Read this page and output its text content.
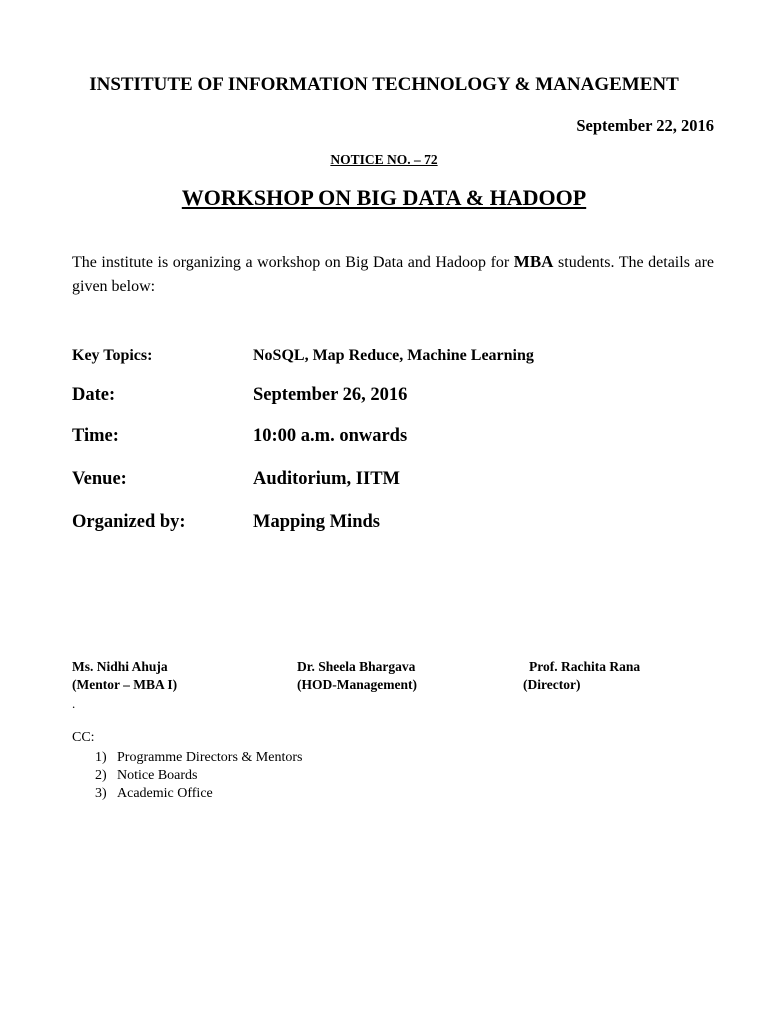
INSTITUTE OF INFORMATION TECHNOLOGY & MANAGEMENT
September 22, 2016
NOTICE NO. – 72
WORKSHOP ON BIG DATA & HADOOP
The institute is organizing a workshop on Big Data and Hadoop for MBA students. The details are given below:
Key Topics:	NoSQL, Map Reduce, Machine Learning
Date:	September 26, 2016
Time:	10:00 a.m. onwards
Venue:	Auditorium, IITM
Organized by:	Mapping Minds
Ms. Nidhi Ahuja
(Mentor – MBA I)
Dr. Sheela Bhargava
(HOD-Management)
Prof. Rachita Rana
(Director)
.
CC:
1) Programme Directors & Mentors
2) Notice Boards
3) Academic Office
